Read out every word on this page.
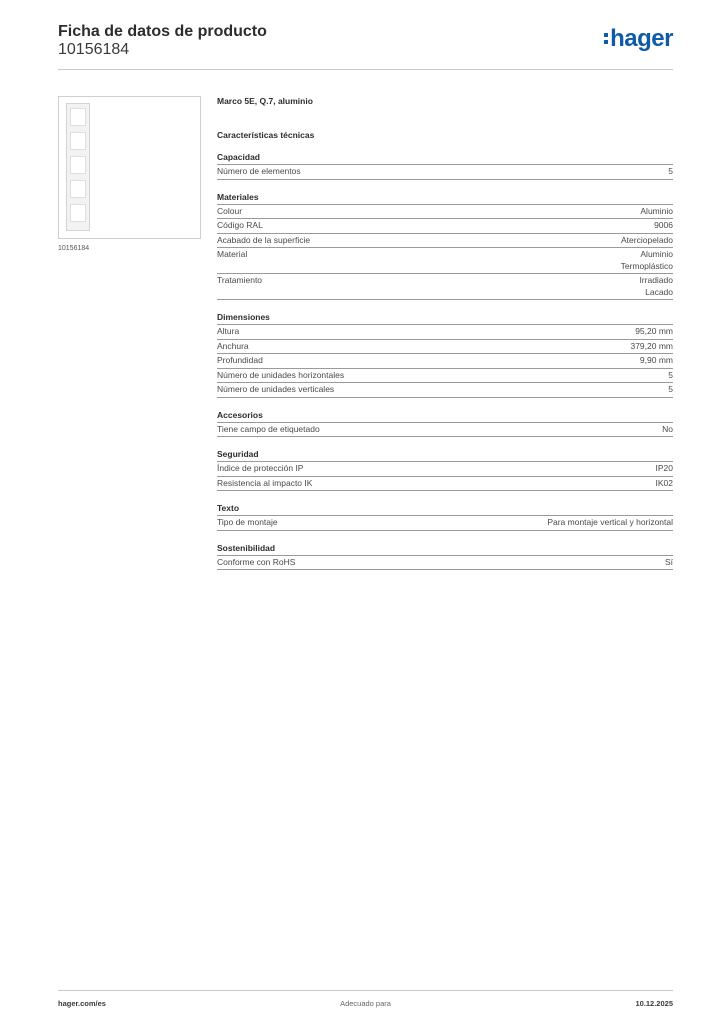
Ficha de datos de producto
10156184	hager
10156184
Marco 5E, Q.7, aluminio
Características técnicas
Capacidad
Número de elementos	5
Materiales
Colour	Aluminio
Código RAL	9006
Acabado de la superficie	Aterciopelado
Material	Aluminio
Termoplástico
Tratamiento	Irradiado
Lacado
Dimensiones
Altura	95,20 mm
Anchura	379,20 mm
Profundidad	9,90 mm
Número de unidades horizontales	5
Número de unidades verticales	5
Accesorios
Tiene campo de etiquetado	No
Seguridad
Índice de protección IP	IP20
Resistencia al impacto IK	IK02
Texto
Tipo de montaje	Para montaje vertical y horizontal
Sostenibilidad
Conforme con RoHS	Sí
hager.com/es	Adecuado para	10.12.2025
